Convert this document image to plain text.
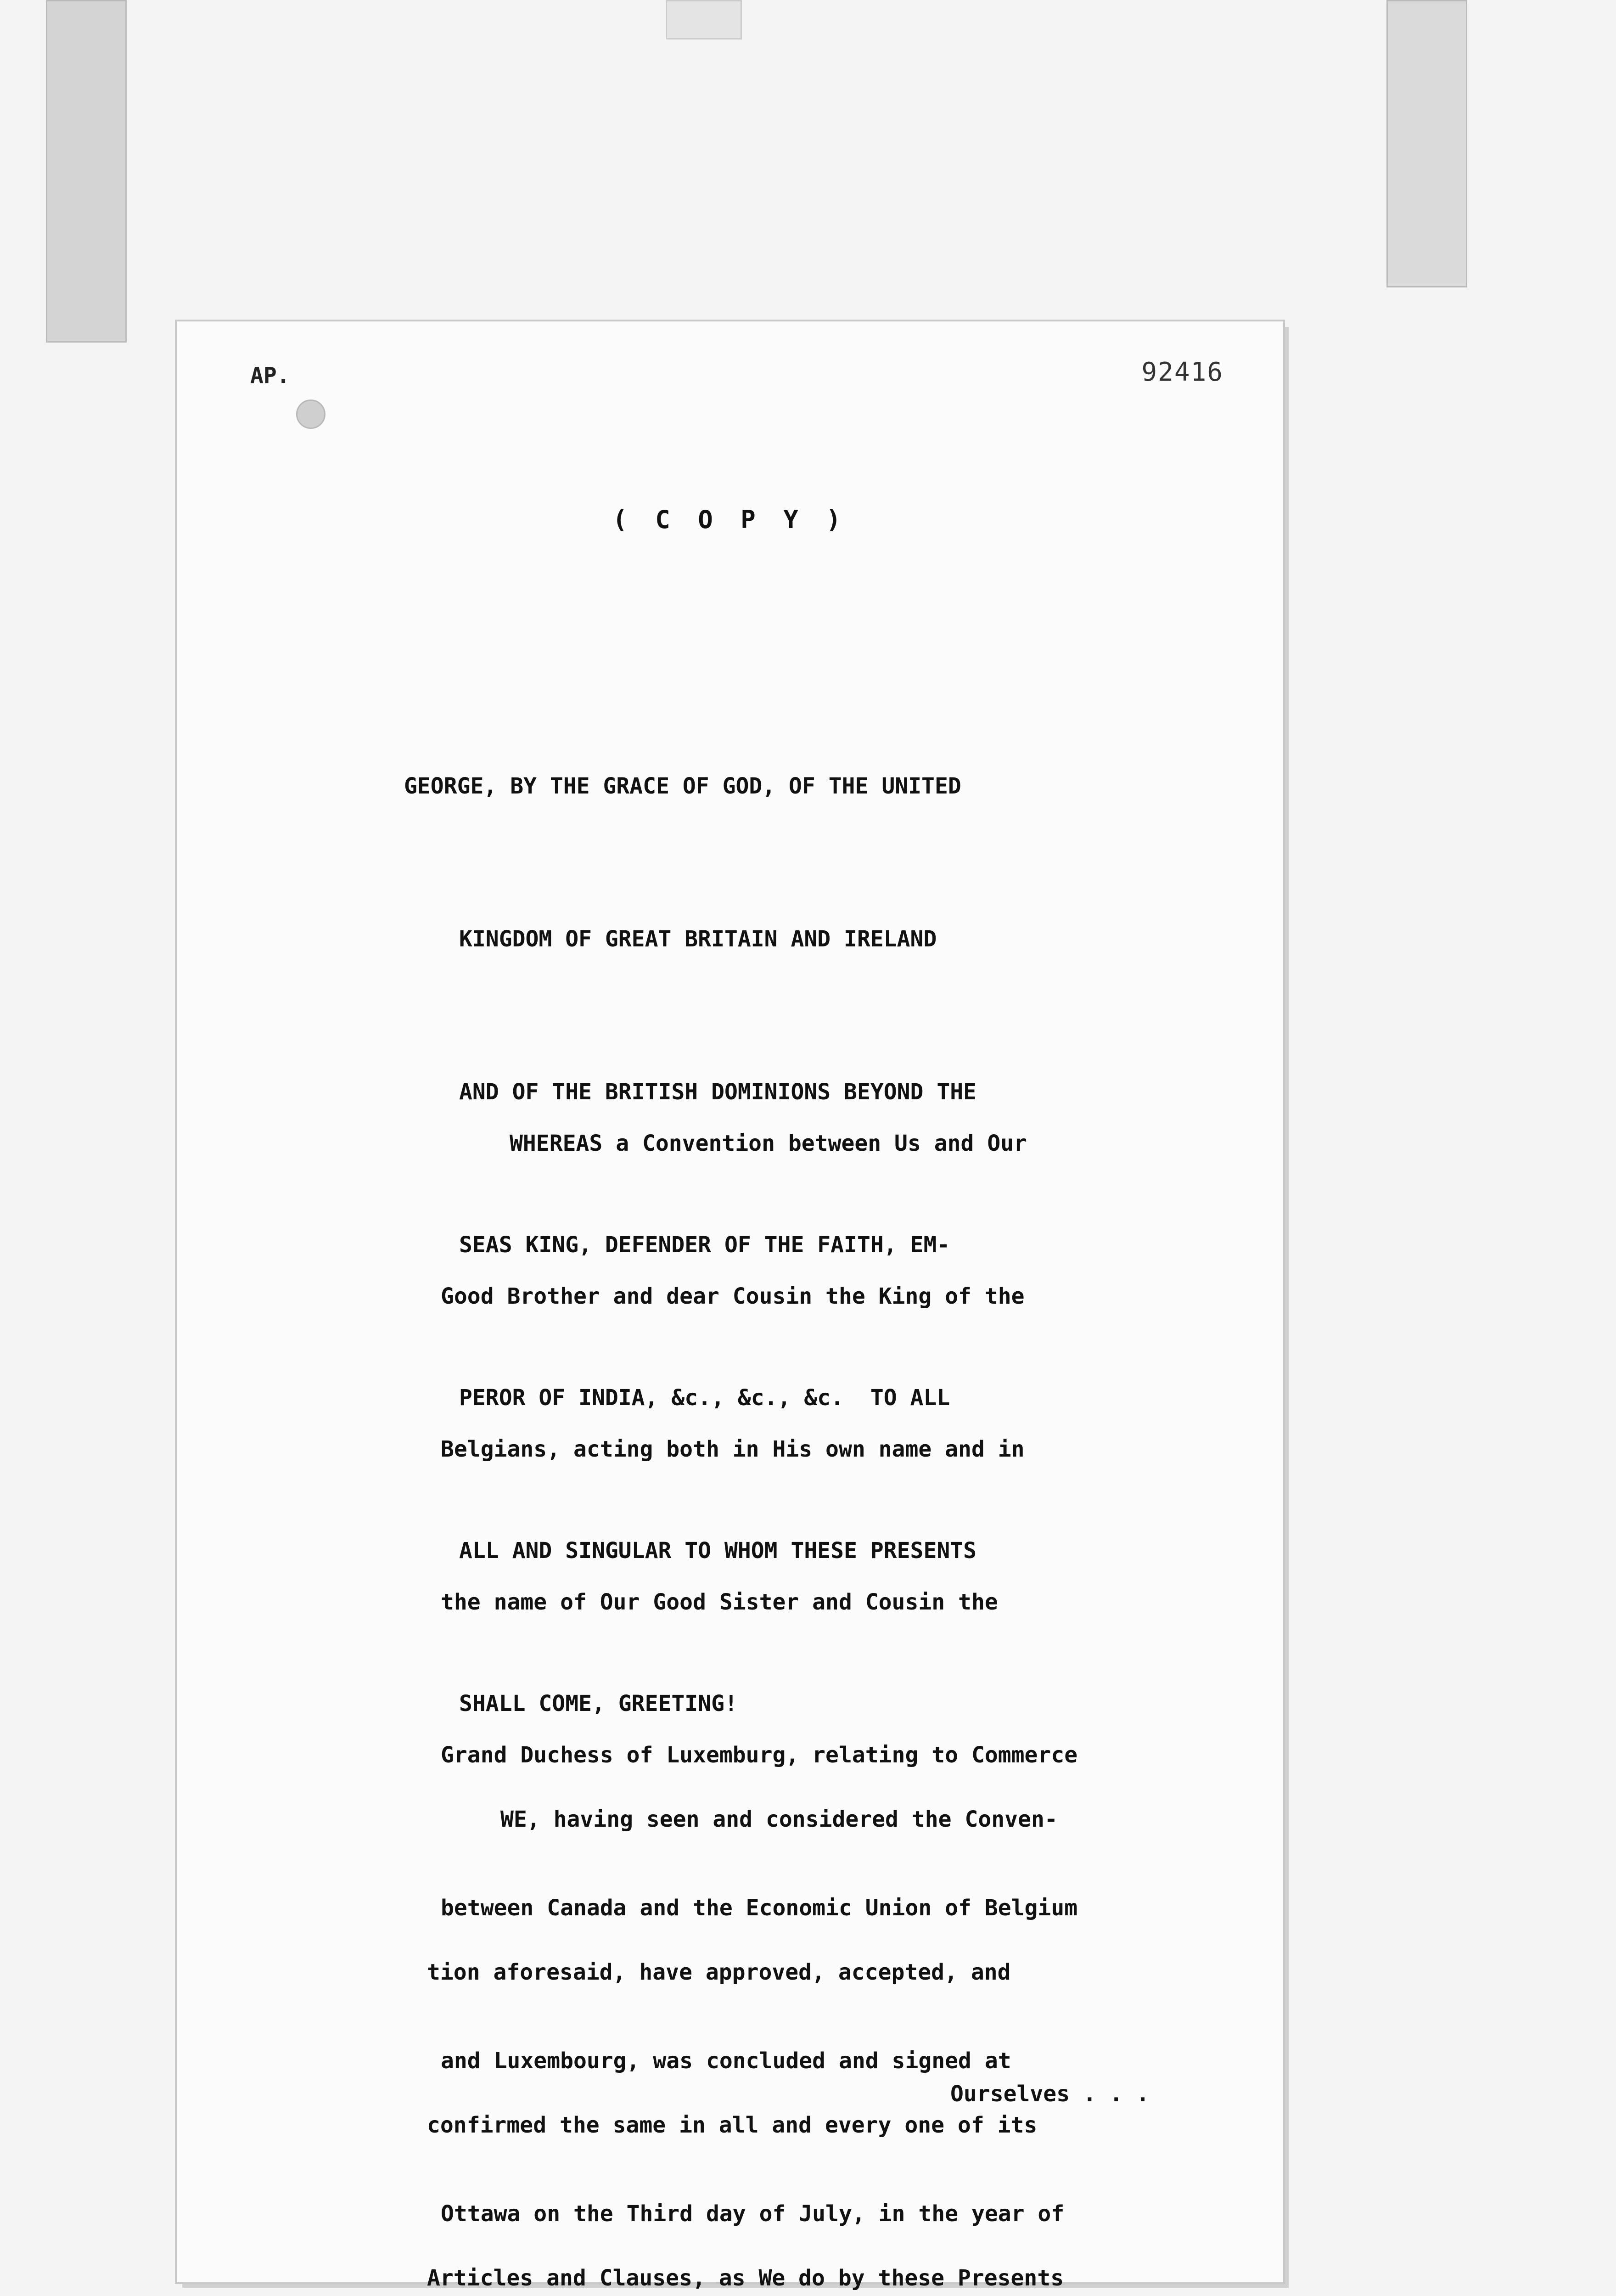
AP.	92416
( C O P Y )

GEORGE, BY THE GRACE OF GOD, OF THE UNITED

KINGDOM OF GREAT BRITAIN AND IRELAND

AND OF THE BRITISH DOMINIONS BEYOND THE

SEAS KING, DEFENDER OF THE FAITH, EM-

PEROR OF INDIA, &c., &c., &c.  TO ALL

ALL AND SINGULAR TO WHOM THESE PRESENTS

SHALL COME, GREETING!

WHEREAS a Convention between Us and Our

Good Brother and dear Cousin the King of the

Belgians, acting both in His own name and in

the name of Our Good Sister and Cousin the

Grand Duchess of Luxemburg, relating to Commerce

between Canada and the Economic Union of Belgium

and Luxembourg, was concluded and signed at

Ottawa on the Third day of July, in the year of

WE, having seen and considered the Conven-

tion aforesaid, have approved, accepted, and

confirmed the same in all and every one of its

Articles and Clauses, as We do by these Presents

Ourselves . . .
